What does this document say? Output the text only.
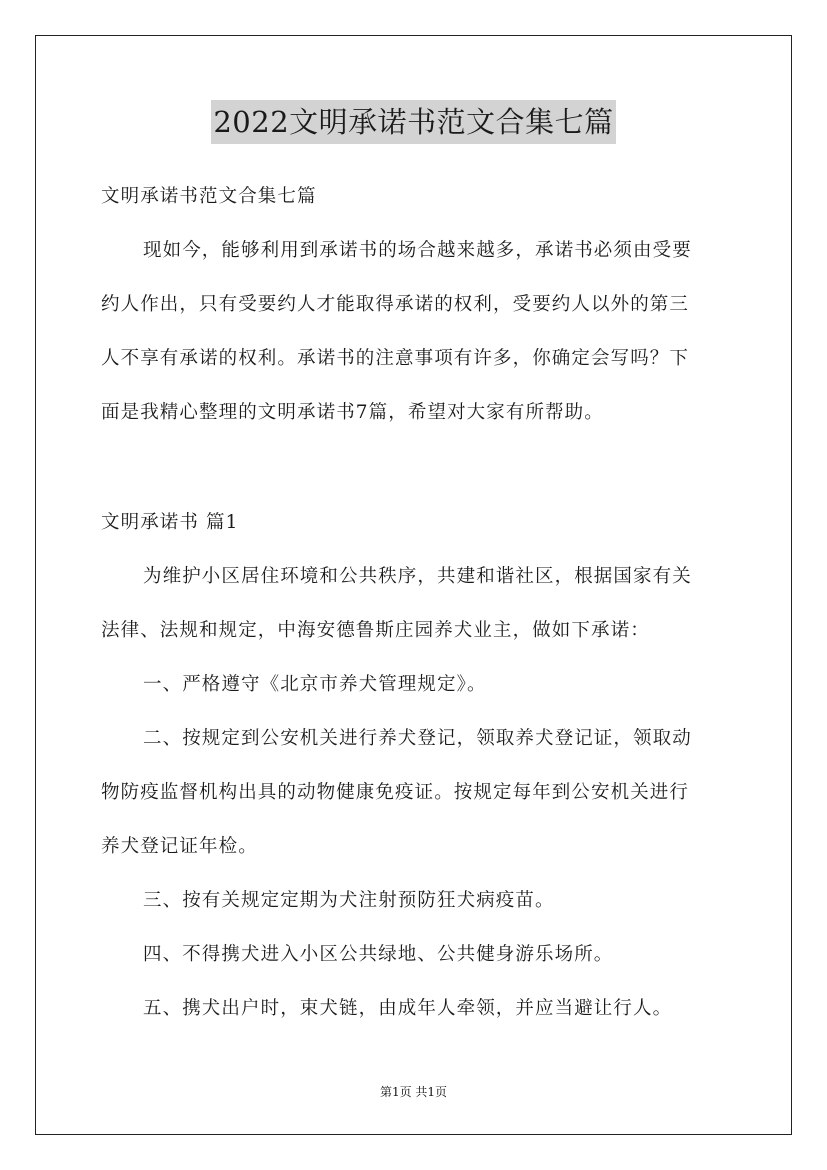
2022文明承诺书范文合集七篇
文明承诺书范文合集七篇
现如今，能够利用到承诺书的场合越来越多，承诺书必须由受要
约人作出，只有受要约人才能取得承诺的权利，受要约人以外的第三
人不享有承诺的权利。承诺书的注意事项有许多，你确定会写吗？下
面是我精心整理的文明承诺书7篇，希望对大家有所帮助。
文明承诺书 篇1
为维护小区居住环境和公共秩序，共建和谐社区，根据国家有关
法律、法规和规定，中海安德鲁斯庄园养犬业主，做如下承诺：
一、严格遵守《北京市养犬管理规定》。
二、按规定到公安机关进行养犬登记，领取养犬登记证，领取动
物防疫监督机构出具的动物健康免疫证。按规定每年到公安机关进行
养犬登记证年检。
三、按有关规定定期为犬注射预防狂犬病疫苗。
四、不得携犬进入小区公共绿地、公共健身游乐场所。
五、携犬出户时，束犬链，由成年人牵领，并应当避让行人。
第1页 共1页
